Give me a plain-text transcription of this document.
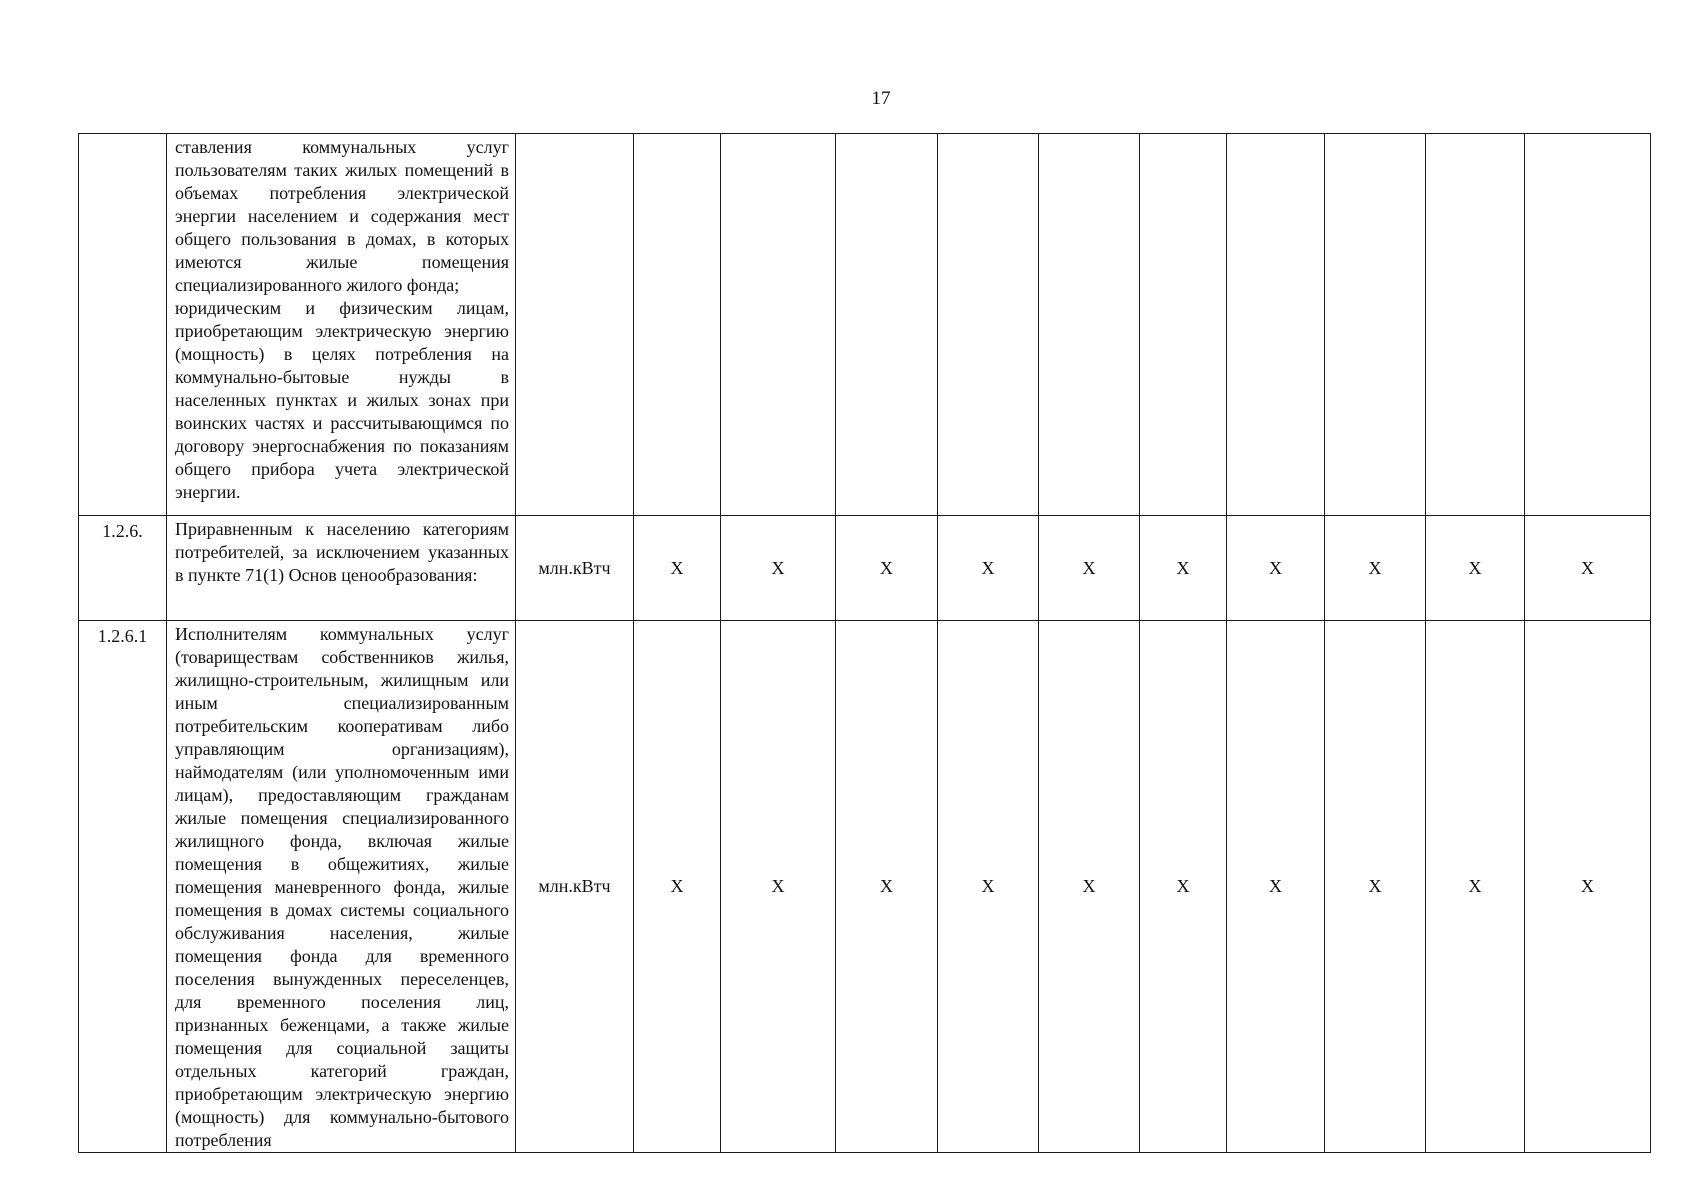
17

	ставления коммунальных услуг пользователям таких жилых помещений в объемах потребления электрической энергии населением и содержания мест общего пользования в домах, в которых имеются жилые помещения специализированного жилого фонда;

юридическим и физическим лицам, приобретающим электрическую энергию (мощность) в целях потребления на коммунально-бытовые нужды в населенных пунктах и жилых зонах при воинских частях и рассчитывающимся по договору энергоснабжения по показаниям общего прибора учета электрической энергии.											

1.2.6.	Приравненным к населению категориям потребителей, за исключением указанных в пункте 71(1) Основ ценообразования:	млн.кВтч	X	X	X	X	X	X	X	X	X	X
1.2.6.1	Исполнителям коммунальных услуг (товариществам собственников жилья, жилищно-строительным, жилищным или иным специализированным потребительским кооперативам либо управляющим организациям), наймодателям (или уполномоченным ими лицам), предоставляющим гражданам жилые помещения специализированного жилищного фонда, включая жилые помещения в общежитиях, жилые помещения маневренного фонда, жилые помещения в домах системы социального обслуживания населения, жилые помещения фонда для временного поселения вынужденных переселенцев, для временного поселения лиц, признанных беженцами, а также жилые помещения для социальной защиты отдельных категорий граждан, приобретающим электрическую энергию (мощность) для коммунально-бытового потребления	млн.кВтч	X	X	X	X	X	X	X	X	X	X
